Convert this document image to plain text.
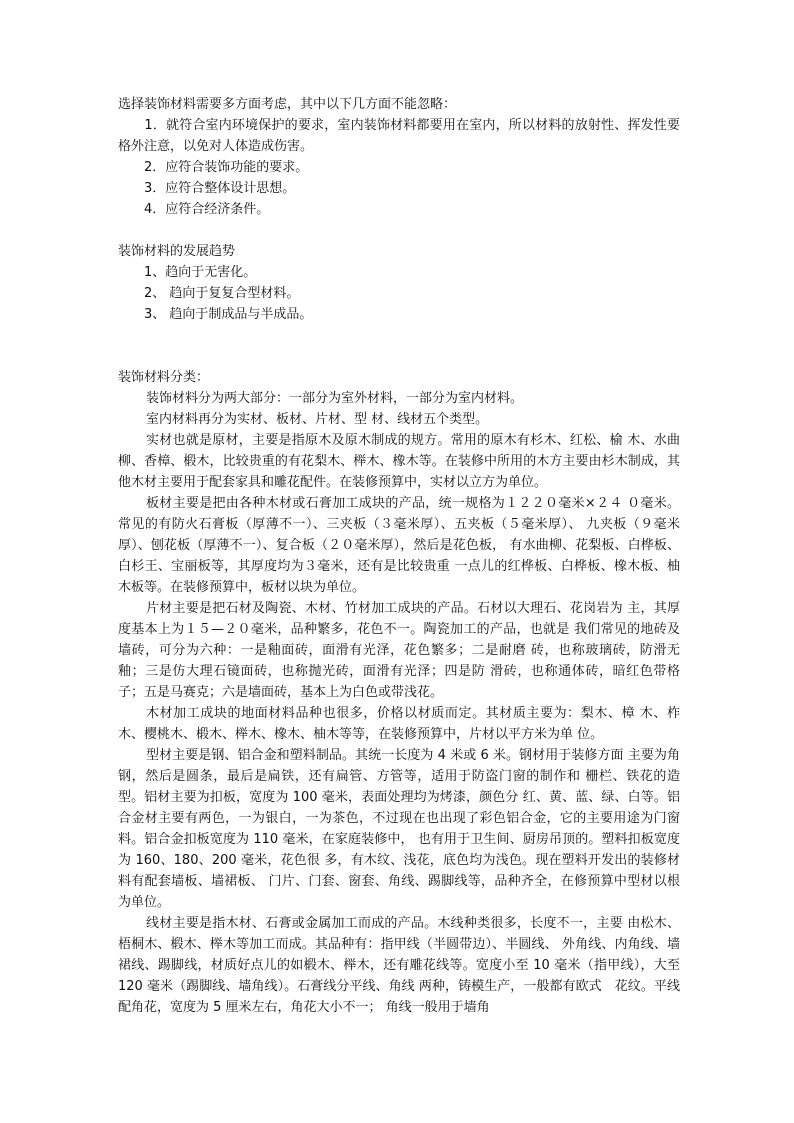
选择装饰材料需要多方面考虑，其中以下几方面不能忽略：

　　1．就符合室内环境保护的要求，室内装饰材料都要用在室内，所以材料的放射性、挥发性要格外注意，以免对人体造成伤害。

　　2．应符合装饰功能的要求。

　　3．应符合整体设计思想。

　　4．应符合经济条件。

装饰材料的发展趋势

　　1、趋向于无害化。

　　2、 趋向于复复合型材料。

　　3、 趋向于制成品与半成品。

装饰材料分类：

装饰材料分为两大部分：一部分为室外材料，一部分为室内材料。

室内材料再分为实材、板材、片材、型 材、线材五个类型。

实材也就是原材，主要是指原木及原木制成的规方。常用的原木有杉木、红松、榆 木、水曲柳、香樟、椴木，比较贵重的有花梨木、榉木、橡木等。在装修中所用的木方主要由杉木制成，其他木材主要用于配套家具和雕花配件。在装修预算中，实材以立方为单位。

板材主要是把由各种木材或石膏加工成块的产品，统一规格为１２２０毫米×２４ ０毫米。常见的有防火石膏板（厚薄不一）、三夹板（３毫米厚）、五夹板（５毫米厚）、 九夹板（９毫米厚）、刨花板（厚薄不一）、复合板（２０毫米厚），然后是花色板， 有水曲柳、花梨板、白桦板、白杉王、宝丽板等，其厚度均为３毫米，还有是比较贵重 一点儿的红桦板、白桦板、橡木板、柚木板等。在装修预算中，板材以块为单位。

片材主要是把石材及陶瓷、木材、竹材加工成块的产品。石材以大理石、花岗岩为 主，其厚度基本上为１５—２０毫米，品种繁多，花色不一。陶瓷加工的产品，也就是 我们常见的地砖及墙砖，可分为六种：一是釉面砖，面滑有光泽，花色繁多；二是耐磨 砖，也称玻璃砖，防滑无釉；三是仿大理石镜面砖，也称抛光砖，面滑有光泽；四是防 滑砖，也称通体砖，暗红色带格子；五是马赛克；六是墙面砖，基本上为白色或带浅花。

木材加工成块的地面材料品种也很多，价格以材质而定。其材质主要为：梨木、樟 木、柞木、樱桃木、椴木、榉木、橡木、柚木等等，在装修预算中，片材以平方米为单 位。

型材主要是钢、铝合金和塑料制品。其统一长度为 4 米或 6 米。钢材用于装修方面 主要为角钢，然后是圆条，最后是扁铁，还有扁管、方管等，适用于防盗门窗的制作和 栅栏、铁花的造型。铝材主要为扣板，宽度为 100 毫米，表面处理均为烤漆，颜色分 红、黄、蓝、绿、白等。铝合金材主要有两色，一为银白，一为茶色，不过现在也出现了彩色铝合金，它的主要用途为门窗料。铝合金扣板宽度为 110 毫米，在家庭装修中， 也有用于卫生间、厨房吊顶的。塑料扣板宽度为 160、180、200 毫米，花色很 多，有木纹、浅花，底色均为浅色。现在塑料开发出的装修材料有配套墙板、墙裙板、 门片、门套、窗套、角线、踢脚线等，品种齐全，在修预算中型材以根为单位。

线材主要是指木材、石膏或金属加工而成的产品。木线种类很多，长度不一，主要 由松木、梧桐木、椴木、榉木等加工而成。其品种有：指甲线（半圆带边）、半圆线、 外角线、内角线、墙裙线、踢脚线，材质好点儿的如椴木、榉木，还有雕花线等。宽度小至 10 毫米（指甲线），大至 120 毫米（踢脚线、墙角线）。石膏线分平线、角线 两种，铸模生产，一般都有欧式　花纹。平线配角花，宽度为 5 厘米左右，角花大小不一； 角线一般用于墙角
